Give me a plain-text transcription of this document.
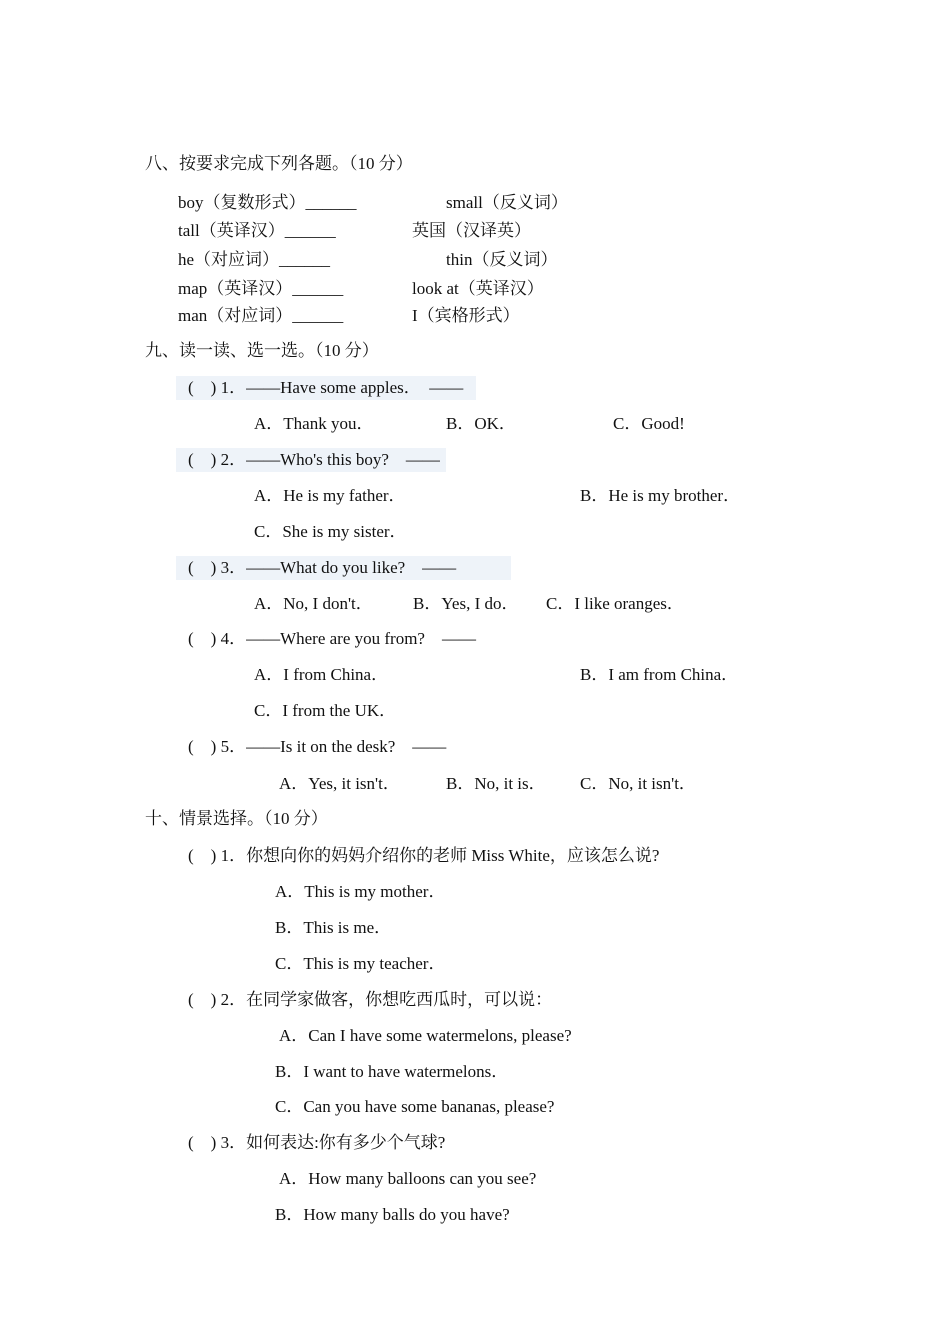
八、按要求完成下列各题。（10 分）
boy（复数形式）______	small（反义词）
tall（英译汉）______	英国（汉译英）
he（对应词）______	thin（反义词）
map（英译汉）______	look at（英译汉）
man（对应词）______	I（宾格形式）
九、读一读、选一选。（10 分）
(　) 1．——Have some apples．　——
A．Thank you．	B．OK．	C．Good!
(　) 2．——Who's this boy?　——
A．He is my father．	B．He is my brother．
C．She is my sister．
(　) 3．——What do you like?　——
A．No, I don't． B．Yes, I do． C．I like oranges．
(　) 4．——Where are you from?　——
A．I from China．	B．I am from China．
C．I from the UK．
(　) 5．——Is it on the desk?　——
A．Yes, it isn't．	B．No, it is． C．No, it isn't．
十、情景选择。（10 分）
(　) 1．你想向你的妈妈介绍你的老师 Miss White，应该怎么说?
A．This is my mother．
B．This is me．
C．This is my teacher．
(　) 2．在同学家做客，你想吃西瓜时，可以说：
A．Can I have some watermelons, please?
B．I want to have watermelons．
C．Can you have some bananas, please?
(　) 3．如何表达:你有多少个气球?
A．How many balloons can you see?
B．How many balls do you have?
